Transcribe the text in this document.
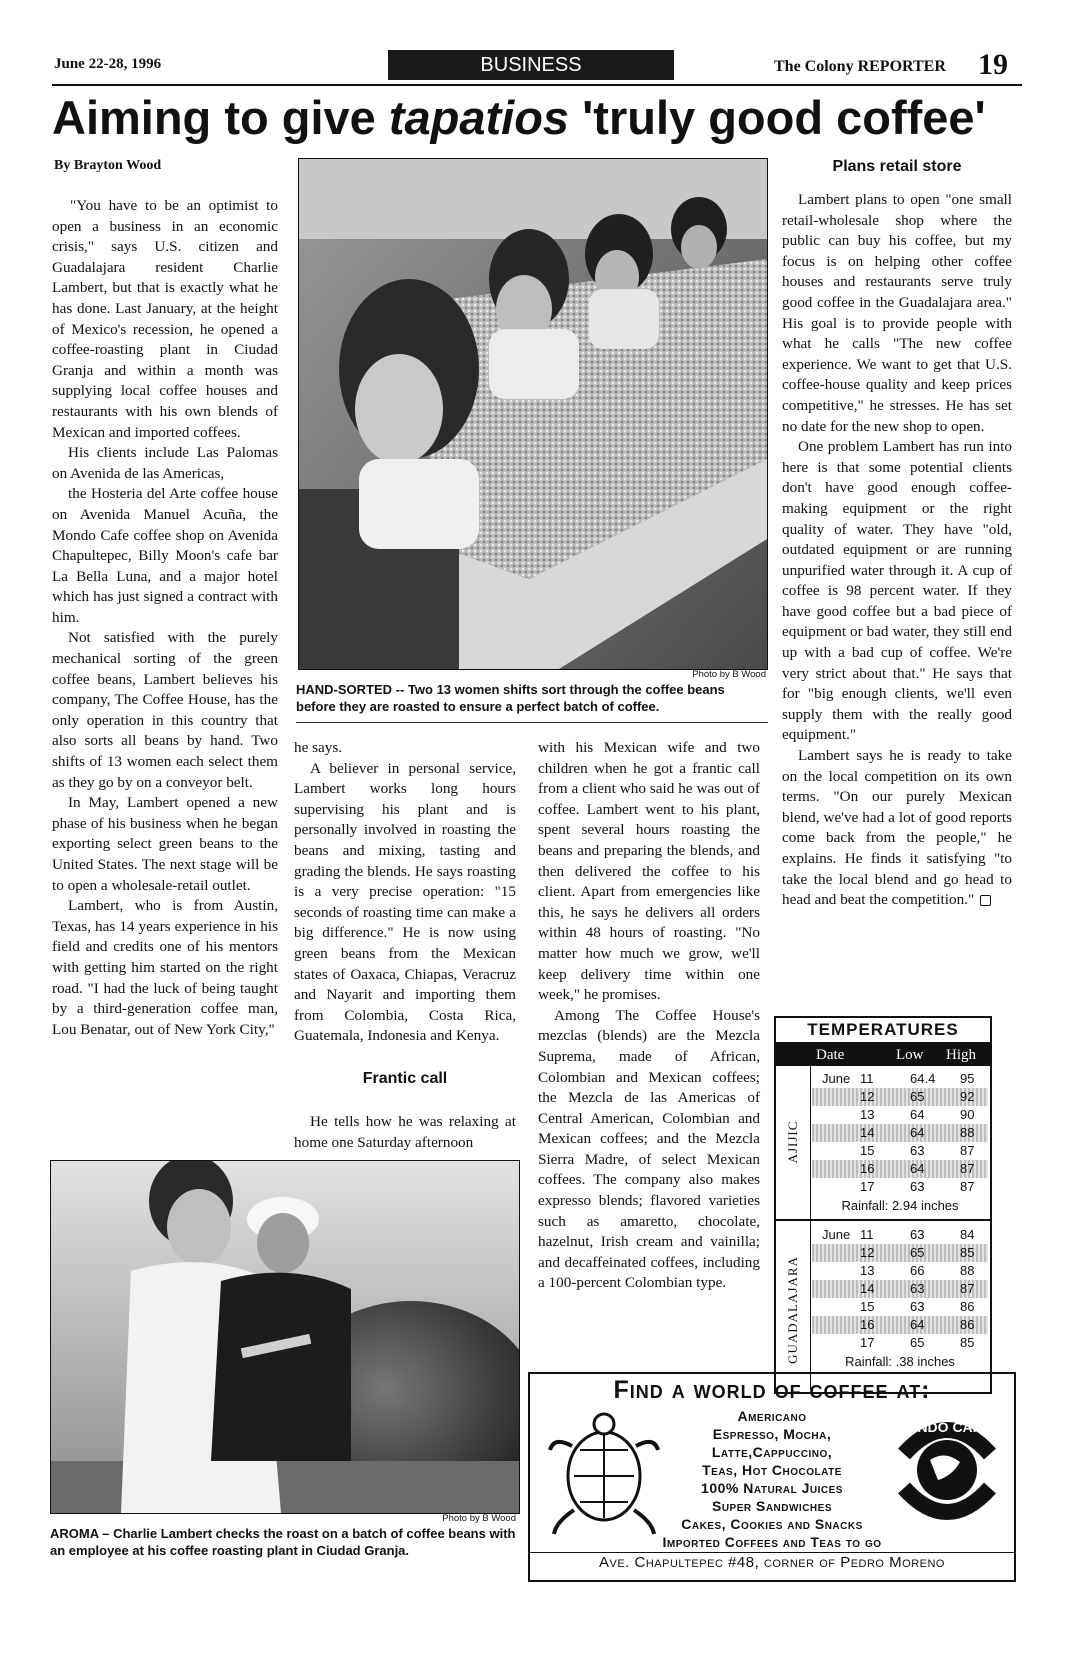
June 22-28, 1996	BUSINESS	The Colony REPORTER 19
Aiming to give tapatios 'truly good coffee'
By Brayton Wood

"You have to be an optimist to open a business in an economic crisis," says U.S. citizen and Guadalajara resident Charlie Lambert, but that is exactly what he has done. Last January, at the height of Mexico's recession, he opened a coffee-roasting plant in Ciudad Granja and within a month was supplying local coffee houses and restaurants with his own blends of Mexican and imported coffees.

His clients include Las Palomas on Avenida de las Americas,

the Hosteria del Arte coffee house on Avenida Manuel Acuña, the Mondo Cafe coffee shop on Avenida Chapultepec, Billy Moon's cafe bar La Bella Luna, and a major hotel which has just signed a contract with him.

Not satisfied with the purely mechanical sorting of the green coffee beans, Lambert believes his company, The Coffee House, has the only operation in this country that also sorts all beans by hand. Two shifts of 13 women each select them as they go by on a conveyor belt.

In May, Lambert opened a new phase of his business when he began exporting select green beans to the United States. The next stage will be to open a wholesale-retail outlet.

Lambert, who is from Austin, Texas, has 14 years experience in his field and credits one of his mentors with getting him started on the right road. "I had the luck of being taught by a third-generation coffee man, Lou Benatar, out of New York City,"

Photo by B Wood
HAND-SORTED -- Two 13 women shifts sort through the coffee beans before they are roasted to ensure a perfect batch of coffee.

he says.

A believer in personal service, Lambert works long hours supervising his plant and is personally involved in roasting the beans and mixing, tasting and grading the blends. He says roasting is a very precise operation: "15 seconds of roasting time can make a big difference." He is now using green beans from the Mexican states of Oaxaca, Chiapas, Veracruz and Nayarit and importing them from Colombia, Costa Rica, Guatemala, Indonesia and Kenya.

Frantic call

He tells how he was relaxing at home one Saturday afternoon

with his Mexican wife and two children when he got a frantic call from a client who said he was out of coffee. Lambert went to his plant, spent several hours roasting the beans and preparing the blends, and then delivered the coffee to his client. Apart from emergencies like this, he says he delivers all orders within 48 hours of roasting. "No matter how much we grow, we'll keep delivery time within one week," he promises.

Among The Coffee House's mezclas (blends) are the Mezcla Suprema, made of African, Colombian and Mexican coffees; the Mezcla de las Americas of Central American, Colombian and Mexican coffees; and the Mezcla Sierra Madre, of select Mexican coffees. The company also makes expresso blends; flavored varieties such as amaretto, chocolate, hazelnut, Irish cream and vainilla; and decaffeinated coffees, including a 100-percent Colombian type.

Plans retail store

Lambert plans to open "one small retail-wholesale shop where the public can buy his coffee, but my focus is on helping other coffee houses and restaurants serve truly good coffee in the Guadalajara area." His goal is to provide people with what he calls "The new coffee experience. We want to get that U.S. coffee-house quality and keep prices competitive," he stresses. He has set no date for the new shop to open.

One problem Lambert has run into here is that some potential clients don't have good enough coffee-making equipment or the right quality of water. They have "old, outdated equipment or are running unpurified water through it. A cup of coffee is 98 percent water. If they have good coffee but a bad piece of equipment or bad water, they still end up with a bad cup of coffee. We're very strict about that." He says that for "big enough clients, we'll even supply them with the really good equipment."

Lambert says he is ready to take on the local competition on its own terms. "On our purely Mexican blend, we've had a lot of good reports come back from the people," he explains. He finds it satisfying "to take the local blend and go head to head and beat the competition."

Photo by B Wood
AROMA – Charlie Lambert checks the roast on a batch of coffee beans with an employee at his coffee roasting plant in Ciudad Granja.
TEMPERATURES
Date	Low High
AJIJIC
June 11	64.4 95
12	65	92
13	64	90
14	64	88
15	63	87
16	64	87
17	63	87
Rainfall: 2.94 inches
GUADALAJARA
June 11	63	84
12	65	85
13	66	88
14	63	87
15	63	86
16	64	86
17	65	85
Rainfall: .38 inches
Find a world of coffee at:
Americano
Espresso, Mocha,
Latte,Cappuccino,
Teas, Hot Chocolate
100% Natural Juices
Super Sandwiches
Cakes, Cookies and Snacks
Imported Coffees and Teas to go
MONDO CAFFE
Ave. Chapultepec #48, corner of Pedro Moreno
